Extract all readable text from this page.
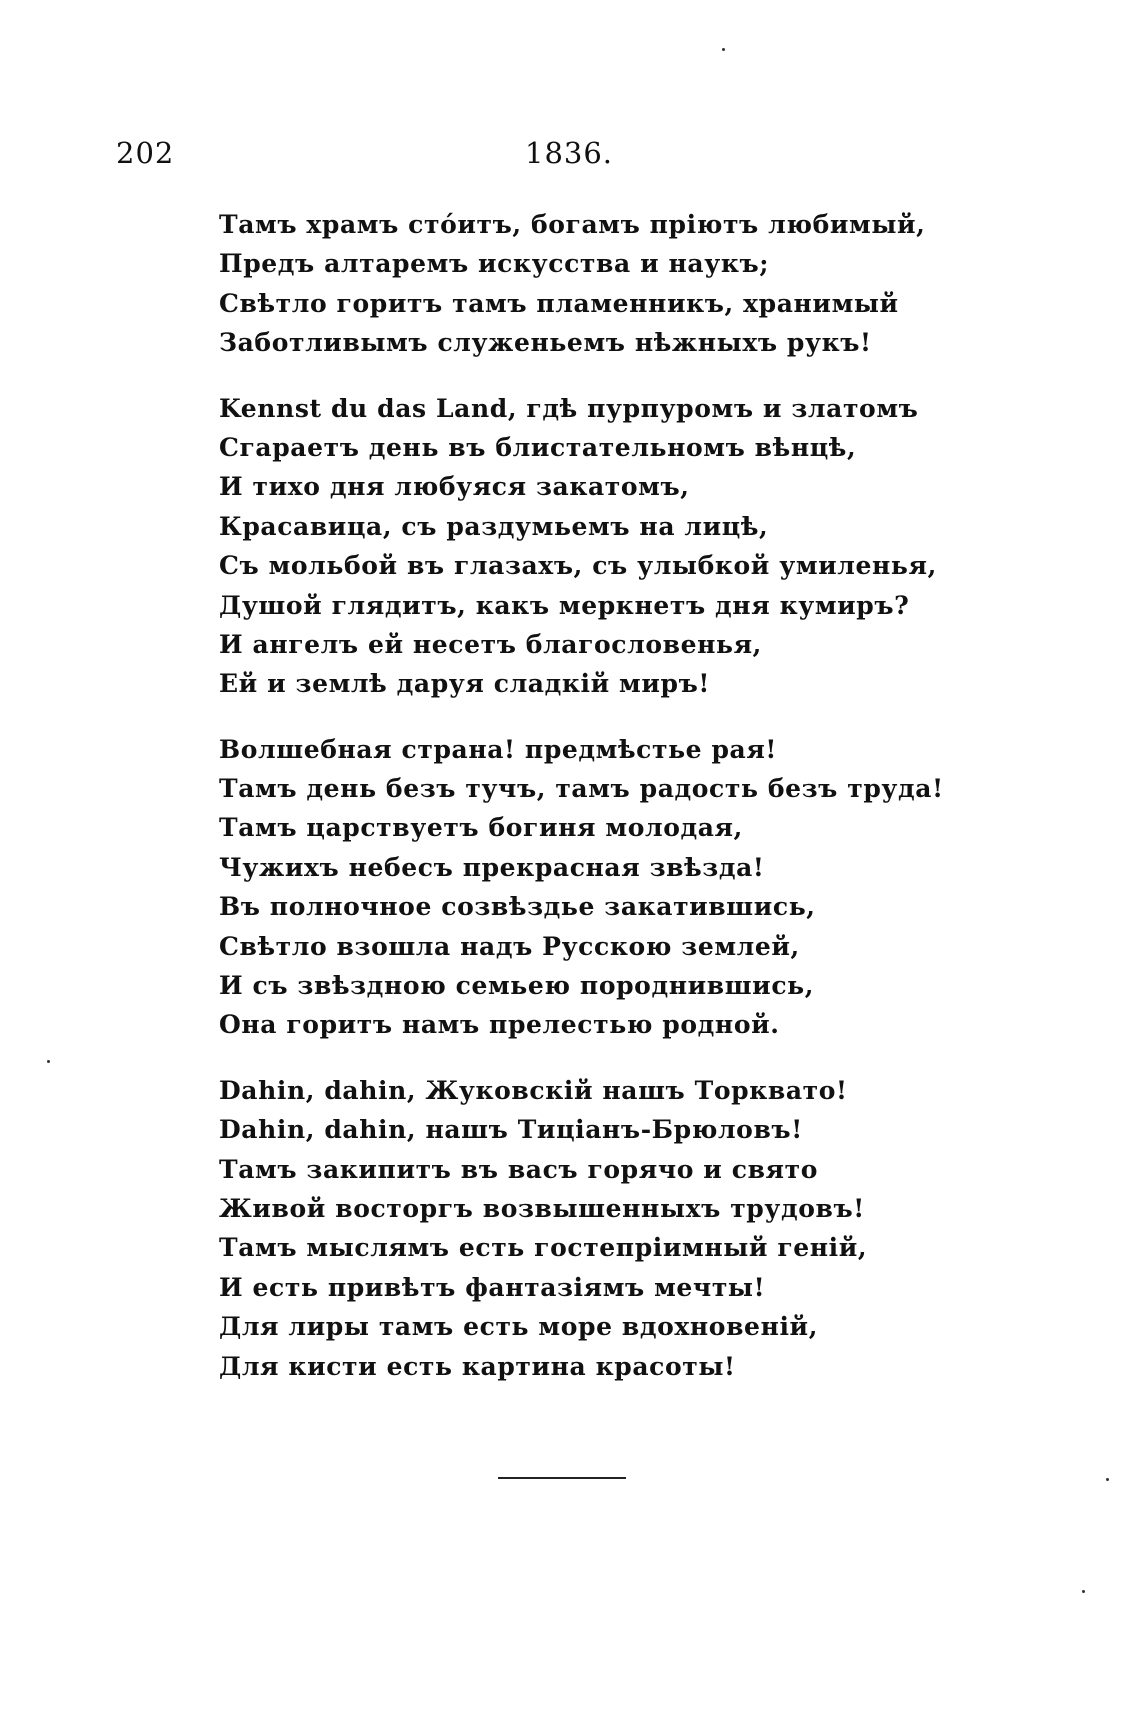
202	1836.
Тамъ храмъ стóитъ, богамъ пріютъ любимый,
Предъ алтаремъ искусства и наукъ;
Свѣтло горитъ тамъ пламенникъ, хранимый
Заботливымъ служеньемъ нѣжныхъ рукъ!
Kennst du das Land, гдѣ пурпуромъ и златомъ
Сгараетъ день въ блистательномъ вѣнцѣ,
И тихо дня любуяся закатомъ,
Красавица, съ раздумьемъ на лицѣ,
Съ мольбой въ глазахъ, съ улыбкой умиленья,
Душой глядитъ, какъ меркнетъ дня кумиръ?
И ангелъ ей несетъ благословенья,
Ей и землѣ даруя сладкій миръ!
Волшебная страна! предмѣстье рая!
Тамъ день безъ тучъ, тамъ радость безъ труда!
Тамъ царствуетъ богиня молодая,
Чужихъ небесъ прекрасная звѣзда!
Въ полночное созвѣздье закатившись,
Свѣтло взошла надъ Русскою землей,
И съ звѣздною семьею породнившись,
Она горитъ намъ прелестью родной.
Dahin, dahin, Жуковскій нашъ Торквато!
Dahin, dahin, нашъ Тиціанъ-Брюловъ!
Тамъ закипитъ въ васъ горячо и свято
Живой восторгъ возвышенныхъ трудовъ!
Тамъ мыслямъ есть гостепріимный геній,
И есть привѣтъ фантазіямъ мечты!
Для лиры тамъ есть море вдохновеній,
Для кисти есть картина красоты!
